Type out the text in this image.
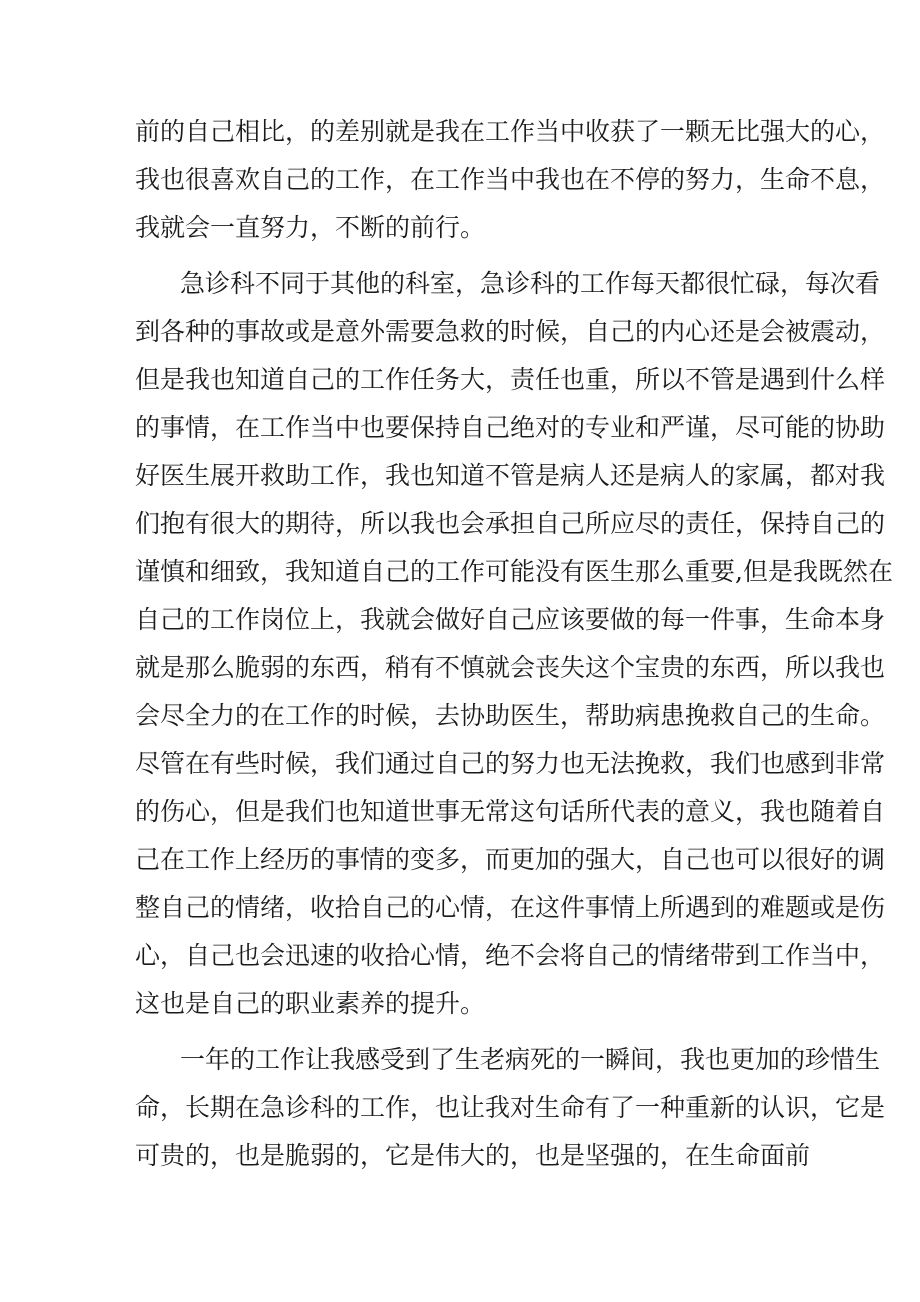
前的自己相比，的差别就是我在工作当中收获了一颗无比强大的心，
我也很喜欢自己的工作，在工作当中我也在不停的努力，生命不息，
我就会一直努力，不断的前行。
急诊科不同于其他的科室，急诊科的工作每天都很忙碌，每次看
到各种的事故或是意外需要急救的时候，自己的内心还是会被震动，
但是我也知道自己的工作任务大，责任也重，所以不管是遇到什么样
的事情，在工作当中也要保持自己绝对的专业和严谨，尽可能的协助
好医生展开救助工作，我也知道不管是病人还是病人的家属，都对我
们抱有很大的期待，所以我也会承担自己所应尽的责任，保持自己的
谨慎和细致，我知道自己的工作可能没有医生那么重要,但是我既然在
自己的工作岗位上，我就会做好自己应该要做的每一件事，生命本身
就是那么脆弱的东西，稍有不慎就会丧失这个宝贵的东西，所以我也
会尽全力的在工作的时候，去协助医生，帮助病患挽救自己的生命。
尽管在有些时候，我们通过自己的努力也无法挽救，我们也感到非常
的伤心，但是我们也知道世事无常这句话所代表的意义，我也随着自
己在工作上经历的事情的变多，而更加的强大，自己也可以很好的调
整自己的情绪，收拾自己的心情，在这件事情上所遇到的难题或是伤
心，自己也会迅速的收拾心情，绝不会将自己的情绪带到工作当中，
这也是自己的职业素养的提升。
一年的工作让我感受到了生老病死的一瞬间，我也更加的珍惜生
命，长期在急诊科的工作，也让我对生命有了一种重新的认识，它是
可贵的，也是脆弱的，它是伟大的，也是坚强的，在生命面前
